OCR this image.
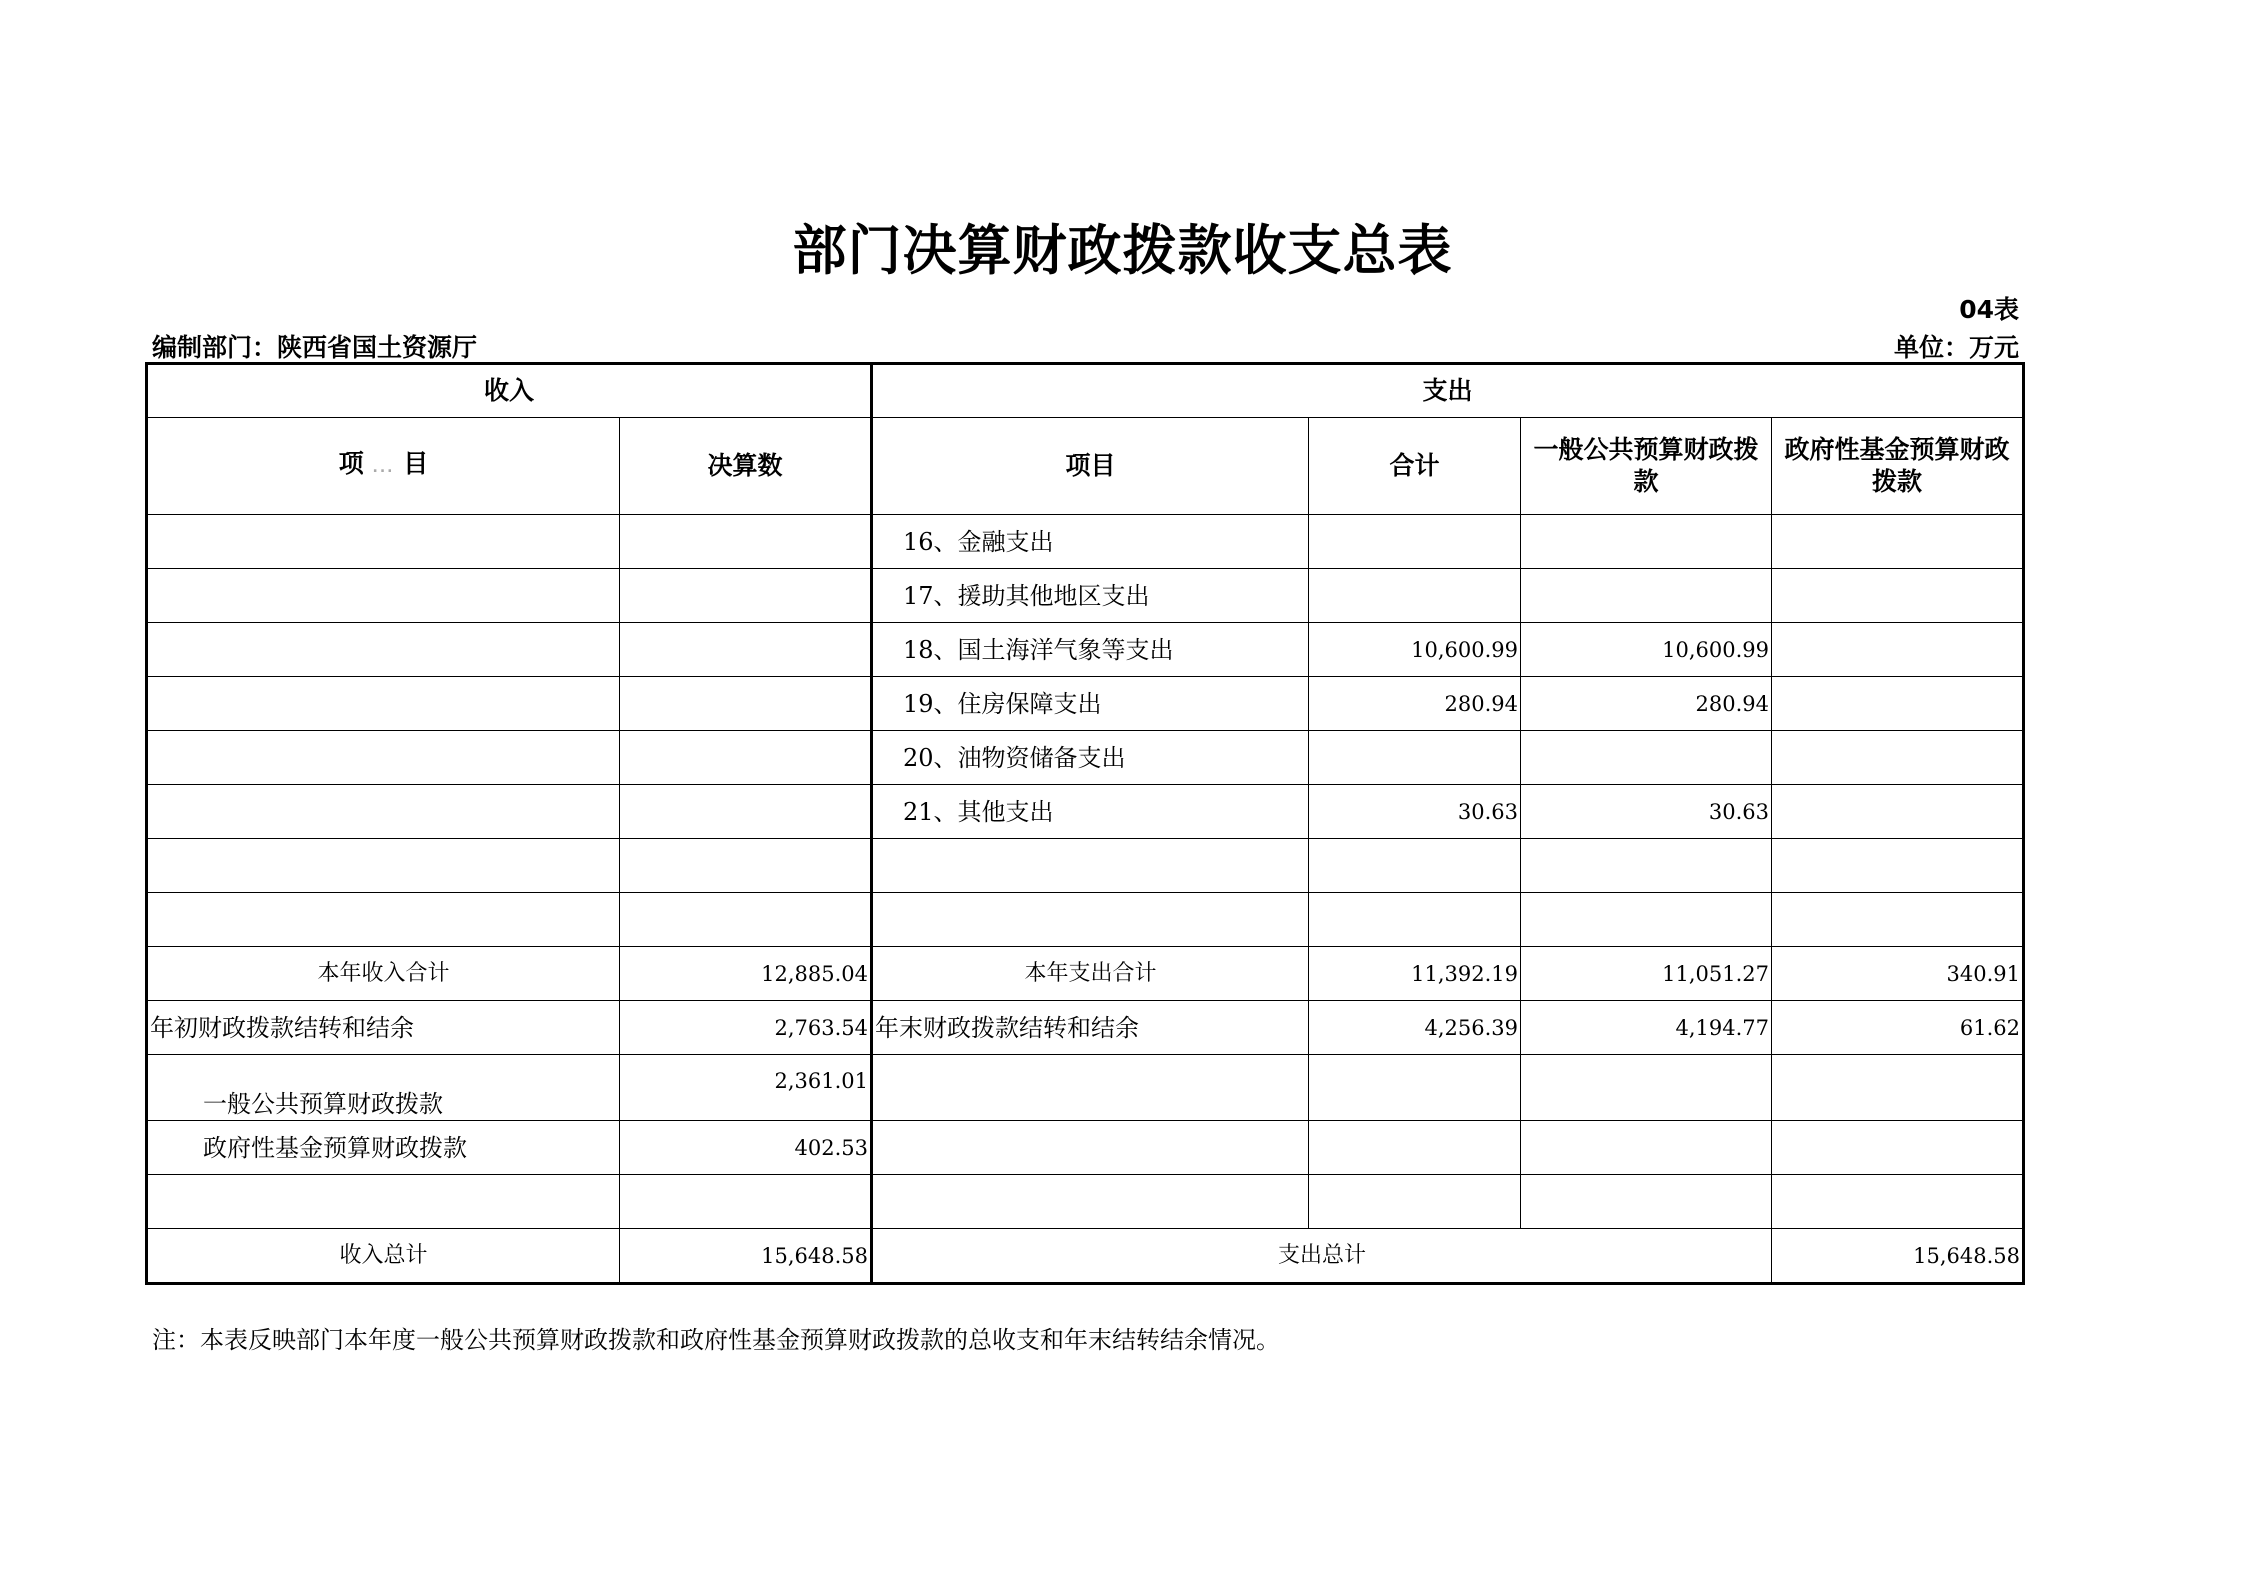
部门决算财政拨款收支总表
04表
编制部门：陕西省国土资源厅	单位：万元
收入		支出			
项 ... 目	决算数	项目	合计	一般公共预算财政拨款	政府性基金预算财政拨款
		16、金融支出			
		17、援助其他地区支出			
		18、国土海洋气象等支出	10,600.99	10,600.99	
		19、住房保障支出	280.94	280.94	
		20、油物资储备支出			
		21、其他支出	30.63	30.63	

本年收入合计	12,885.04	本年支出合计	11,392.19	11,051.27	340.91
年初财政拨款结转和结余	2,763.54	年末财政拨款结转和结余	4,256.39	4,194.77	61.62
一般公共预算财政拨款	2,361.01				
政府性基金预算财政拨款	402.53				

收入总计	15,648.58	支出总计			15,648.58
注：本表反映部门本年度一般公共预算财政拨款和政府性基金预算财政拨款的总收支和年末结转结余情况。
